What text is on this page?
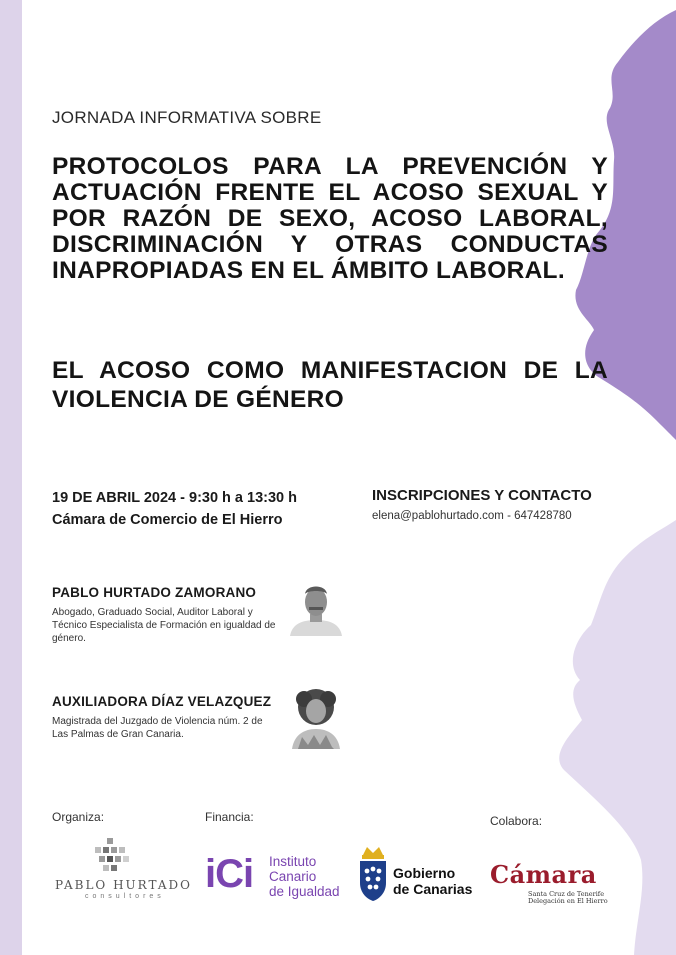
JORNADA INFORMATIVA SOBRE
PROTOCOLOS PARA LA PREVENCIÓN Y ACTUACIÓN FRENTE EL ACOSO SEXUAL Y POR RAZÓN DE SEXO, ACOSO LABORAL, DISCRIMINACIÓN Y OTRAS CONDUCTAS INAPROPIADAS EN EL ÁMBITO LABORAL.
EL ACOSO COMO MANIFESTACION DE LA VIOLENCIA DE GÉNERO
19 DE ABRIL 2024 - 9:30 h a 13:30 h
Cámara de Comercio de El Hierro
INSCRIPCIONES Y CONTACTO
elena@pablohurtado.com - 647428780
PABLO HURTADO ZAMORANO
Abogado, Graduado Social, Auditor Laboral y Técnico Especialista de Formación en igualdad de género.
AUXILIADORA DÍAZ VELAZQUEZ
Magistrada del Juzgado de Violencia núm. 2 de Las Palmas de Gran Canaria.
Organiza:	Financia:	Colabora:
PABLO HURTADO
consultores
iCi Instituto
Canario
de Igualdad
Gobierno
de Canarias Cámara
Santa Cruz de Tenerife
Delegación en El Hierro
